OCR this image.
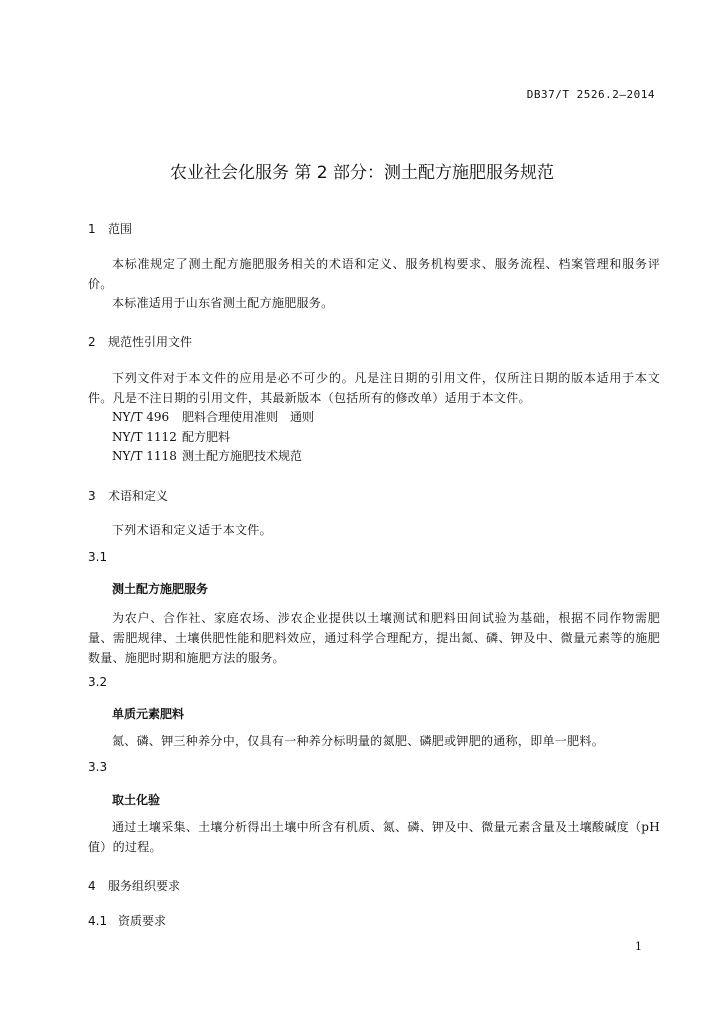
DB37/T 2526.2—2014
农业社会化服务 第 2 部分：测土配方施肥服务规范
1 范围
本标准规定了测土配方施肥服务相关的术语和定义、服务机构要求、服务流程、档案管理和服务评价。
本标准适用于山东省测土配方施肥服务。
2 规范性引用文件
下列文件对于本文件的应用是必不可少的。凡是注日期的引用文件，仅所注日期的版本适用于本文件。凡是不注日期的引用文件，其最新版本（包括所有的修改单）适用于本文件。
NY/T 496 肥料合理使用准则　通则
NY/T 1112 配方肥料
NY/T 1118 测土配方施肥技术规范
3 术语和定义
下列术语和定义适于本文件。
3.1
测土配方施肥服务
为农户、合作社、家庭农场、涉农企业提供以土壤测试和肥料田间试验为基础，根据不同作物需肥量、需肥规律、土壤供肥性能和肥料效应，通过科学合理配方，提出氮、磷、钾及中、微量元素等的施肥数量、施肥时期和施肥方法的服务。
3.2
单质元素肥料
氮、磷、钾三种养分中，仅具有一种养分标明量的氮肥、磷肥或钾肥的通称，即单一肥料。
3.3
取土化验
通过土壤采集、土壤分析得出土壤中所含有机质、氮、磷、钾及中、微量元素含量及土壤酸碱度（pH值）的过程。
4 服务组织要求
4.1 资质要求
1
